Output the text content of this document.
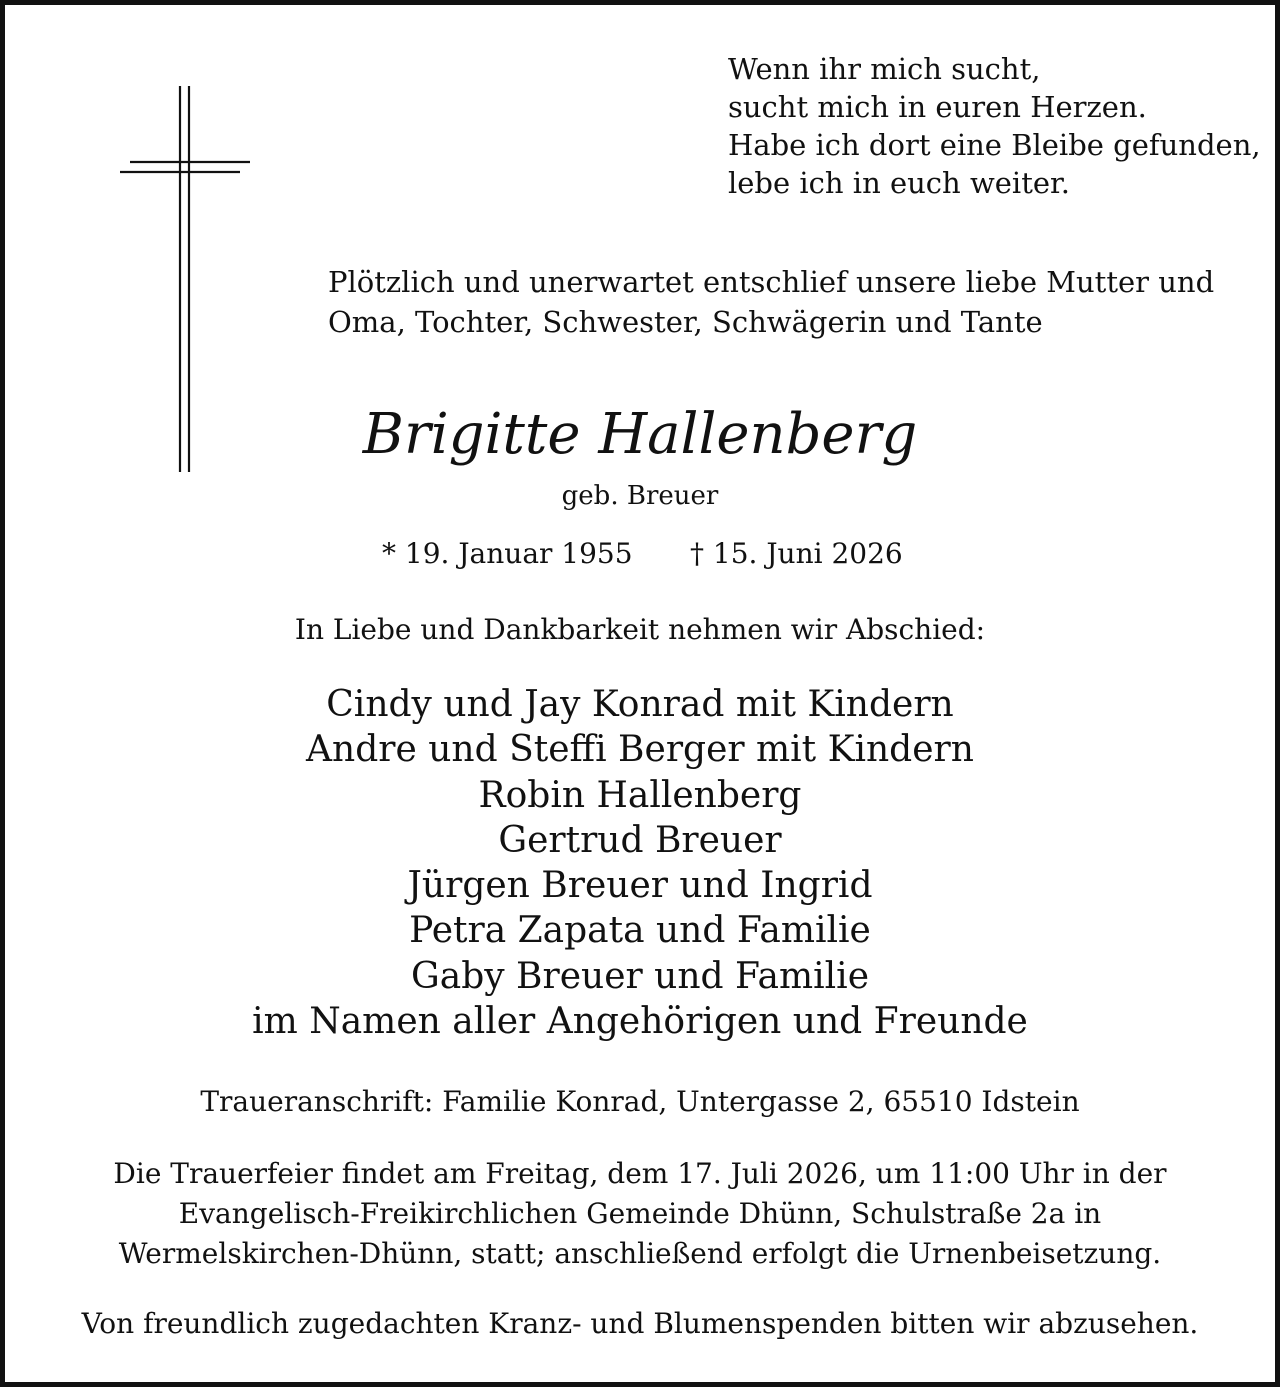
Wenn ihr mich sucht,
sucht mich in euren Herzen.
Habe ich dort eine Bleibe gefunden,
lebe ich in euch weiter.
Plötzlich und unerwartet entschlief unsere liebe Mutter und
Oma, Tochter, Schwester, Schwägerin und Tante
Brigitte Hallenberg
geb. Breuer
* 19. Januar 1955 † 15. Juni 2026
In Liebe und Dankbarkeit nehmen wir Abschied:
Cindy und Jay Konrad mit Kindern
Andre und Steffi Berger mit Kindern
Robin Hallenberg
Gertrud Breuer
Jürgen Breuer und Ingrid
Petra Zapata und Familie
Gaby Breuer und Familie
im Namen aller Angehörigen und Freunde
Traueranschrift: Familie Konrad, Untergasse 2, 65510 Idstein
Die Trauerfeier findet am Freitag, dem 17. Juli 2026, um 11:00 Uhr in der
Evangelisch-Freikirchlichen Gemeinde Dhünn, Schulstraße 2a in
Wermelskirchen-Dhünn, statt; anschließend erfolgt die Urnenbeisetzung.
Von freundlich zugedachten Kranz- und Blumenspenden bitten wir abzusehen.
